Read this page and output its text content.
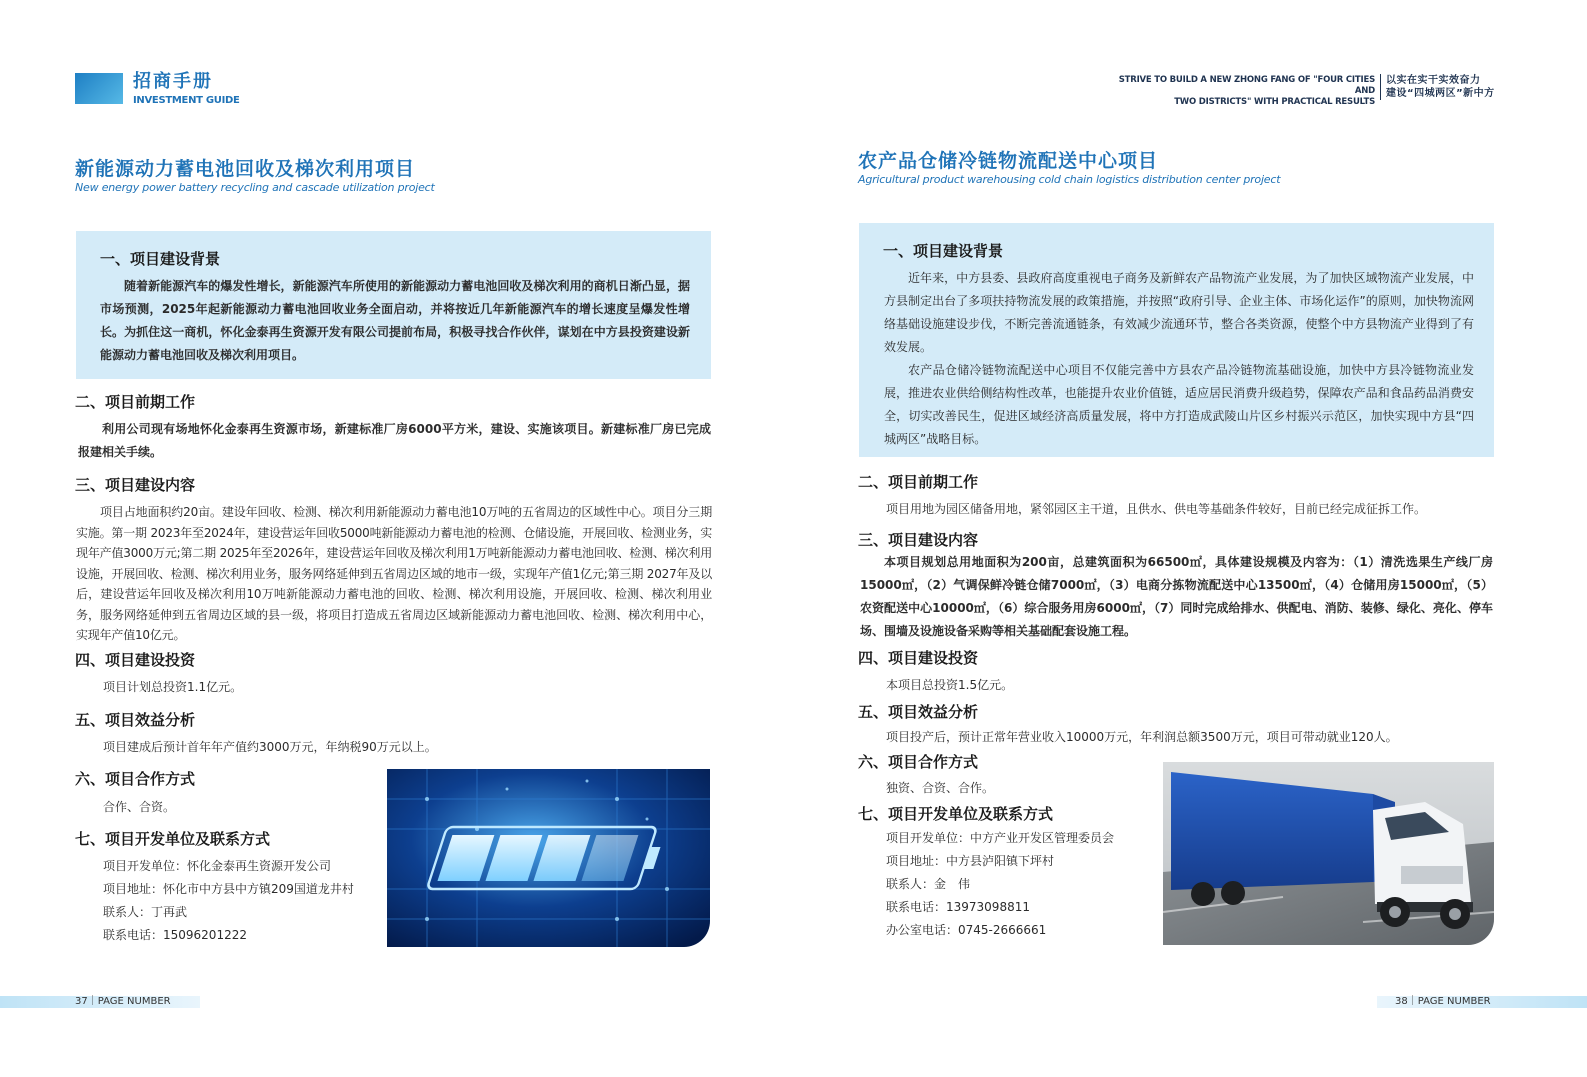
招商手册
INVESTMENT GUIDE
STRIVE TO BUILD A NEW ZHONG FANG OF "FOUR CITIES AND
TWO DISTRICTS" WITH PRACTICAL RESULTS
以实在实干实效奋力
建设“四城两区”新中方
新能源动力蓄电池回收及梯次利用项目
New energy power battery recycling and cascade utilization project
一、项目建设背景
随着新能源汽车的爆发性增长，新能源汽车所使用的新能源动力蓄电池回收及梯次利用的商机日渐凸显，据市场预测，2025年起新能源动力蓄电池回收业务全面启动，并将按近几年新能源汽车的增长速度呈爆发性增长。为抓住这一商机，怀化金泰再生资源开发有限公司提前布局，积极寻找合作伙伴，谋划在中方县投资建设新能源动力蓄电池回收及梯次利用项目。
二、项目前期工作
利用公司现有场地怀化金泰再生资源市场，新建标准厂房6000平方米，建设、实施该项目。新建标准厂房已完成报建相关手续。
三、项目建设内容
项目占地面积约20亩。建设年回收、检测、梯次利用新能源动力蓄电池10万吨的五省周边的区域性中心。项目分三期实施。第一期 2023年至2024年，建设营运年回收5000吨新能源动力蓄电池的检测、仓储设施，开展回收、检测业务，实现年产值3000万元;第二期 2025年至2026年，建设营运年回收及梯次利用1万吨新能源动力蓄电池回收、检测、梯次利用设施，开展回收、检测、梯次利用业务，服务网络延伸到五省周边区域的地市一级，实现年产值1亿元;第三期 2027年及以后，建设营运年回收及梯次利用10万吨新能源动力蓄电池的回收、检测、梯次利用设施，开展回收、检测、梯次利用业务，服务网络延伸到五省周边区域的县一级，将项目打造成五省周边区域新能源动力蓄电池回收、检测、梯次利用中心，实现年产值10亿元。
四、项目建设投资
项目计划总投资1.1亿元。
五、项目效益分析
项目建成后预计首年年产值约3000万元，年纳税90万元以上。
六、项目合作方式
合作、合资。
七、项目开发单位及联系方式
项目开发单位：怀化金泰再生资源开发公司
项目地址：怀化市中方县中方镇209国道龙井村
联系人：丁再武
联系电话：15096201222
37｜PAGE NUMBER
农产品仓储冷链物流配送中心项目
Agricultural product warehousing cold chain logistics distribution center project
一、项目建设背景
近年来，中方县委、县政府高度重视电子商务及新鲜农产品物流产业发展，为了加快区域物流产业发展，中方县制定出台了多项扶持物流发展的政策措施，并按照“政府引导、企业主体、市场化运作”的原则，加快物流网络基础设施建设步伐，不断完善流通链条，有效减少流通环节，整合各类资源，使整个中方县物流产业得到了有效发展。
农产品仓储冷链物流配送中心项目不仅能完善中方县农产品冷链物流基础设施，加快中方县冷链物流业发展，推进农业供给侧结构性改革，也能提升农业价值链，适应居民消费升级趋势，保障农产品和食品药品消费安全，切实改善民生，促进区域经济高质量发展，将中方打造成武陵山片区乡村振兴示范区，加快实现中方县“四城两区”战略目标。
二、项目前期工作
项目用地为园区储备用地，紧邻园区主干道，且供水、供电等基础条件较好，目前已经完成征拆工作。
三、项目建设内容
本项目规划总用地面积为200亩，总建筑面积为66500㎡，具体建设规模及内容为：（1）清洗选果生产线厂房15000㎡，（2）气调保鲜冷链仓储7000㎡，（3）电商分拣物流配送中心13500㎡，（4）仓储用房15000㎡，（5）农资配送中心10000㎡，（6）综合服务用房6000㎡，（7）同时完成给排水、供配电、消防、装修、绿化、亮化、停车场、围墙及设施设备采购等相关基础配套设施工程。
四、项目建设投资
本项目总投资1.5亿元。
五、项目效益分析
项目投产后，预计正常年营业收入10000万元，年利润总额3500万元，项目可带动就业120人。
六、项目合作方式
独资、合资、合作。
七、项目开发单位及联系方式
项目开发单位：中方产业开发区管理委员会
项目地址：中方县泸阳镇下坪村
联系人：金　伟
联系电话：13973098811
办公室电话：0745-2666661
38｜PAGE NUMBER
